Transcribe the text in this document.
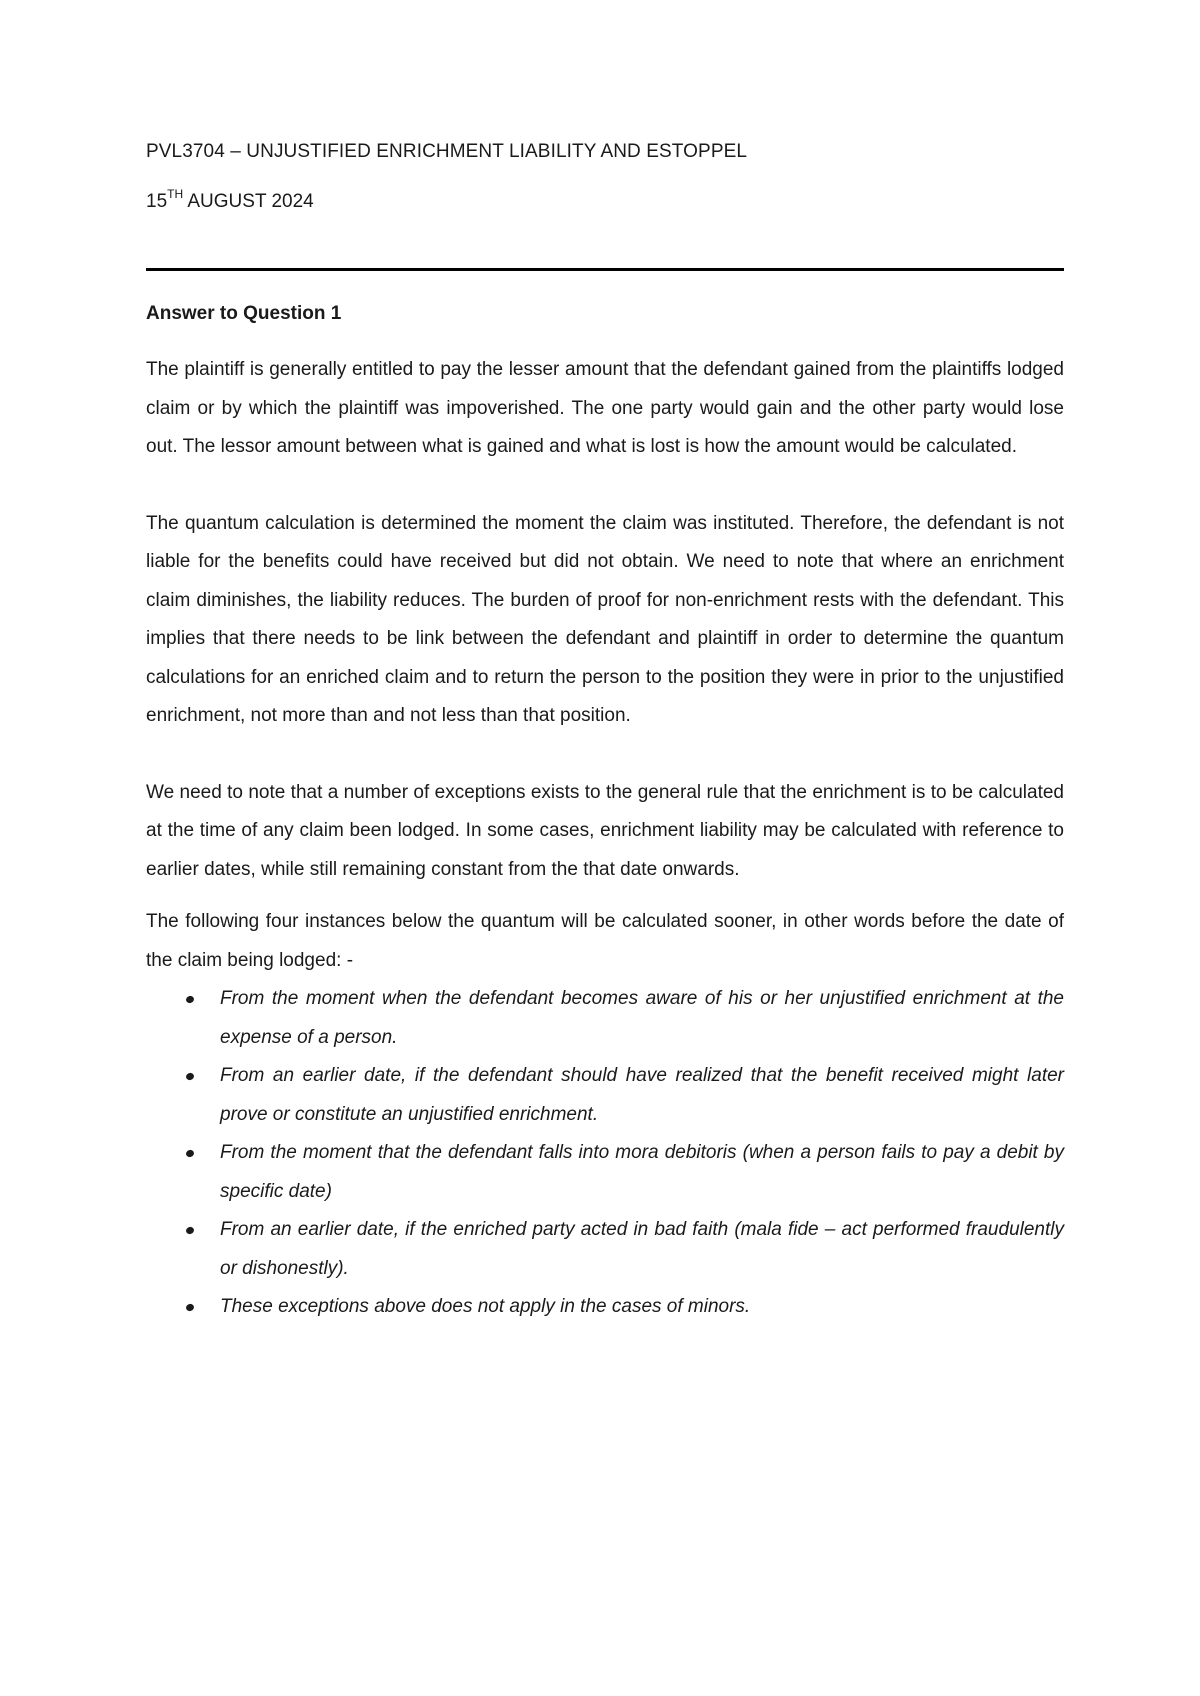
PVL3704 – UNJUSTIFIED ENRICHMENT LIABILITY AND ESTOPPEL

15TH AUGUST 2024

Answer to Question 1

The plaintiff is generally entitled to pay the lesser amount that the defendant gained from the plaintiffs lodged claim or by which the plaintiff was impoverished. The one party would gain and the other party would lose out. The lessor amount between what is gained and what is lost is how the amount would be calculated.

The quantum calculation is determined the moment the claim was instituted. Therefore, the defendant is not liable for the benefits could have received but did not obtain. We need to note that where an enrichment claim diminishes, the liability reduces. The burden of proof for non-enrichment rests with the defendant. This implies that there needs to be link between the defendant and plaintiff in order to determine the quantum calculations for an enriched claim and to return the person to the position they were in prior to the unjustified enrichment, not more than and not less than that position.

We need to note that a number of exceptions exists to the general rule that the enrichment is to be calculated at the time of any claim been lodged. In some cases, enrichment liability may be calculated with reference to earlier dates, while still remaining constant from the that date onwards.

The following four instances below the quantum will be calculated sooner, in other words before the date of the claim being lodged: -

From the moment when the defendant becomes aware of his or her unjustified enrichment at the expense of a person.
From an earlier date, if the defendant should have realized that the benefit received might later prove or constitute an unjustified enrichment.
From the moment that the defendant falls into mora debitoris (when a person fails to pay a debit by specific date)
From an earlier date, if the enriched party acted in bad faith (mala fide – act performed fraudulently or dishonestly).
These exceptions above does not apply in the cases of minors.
